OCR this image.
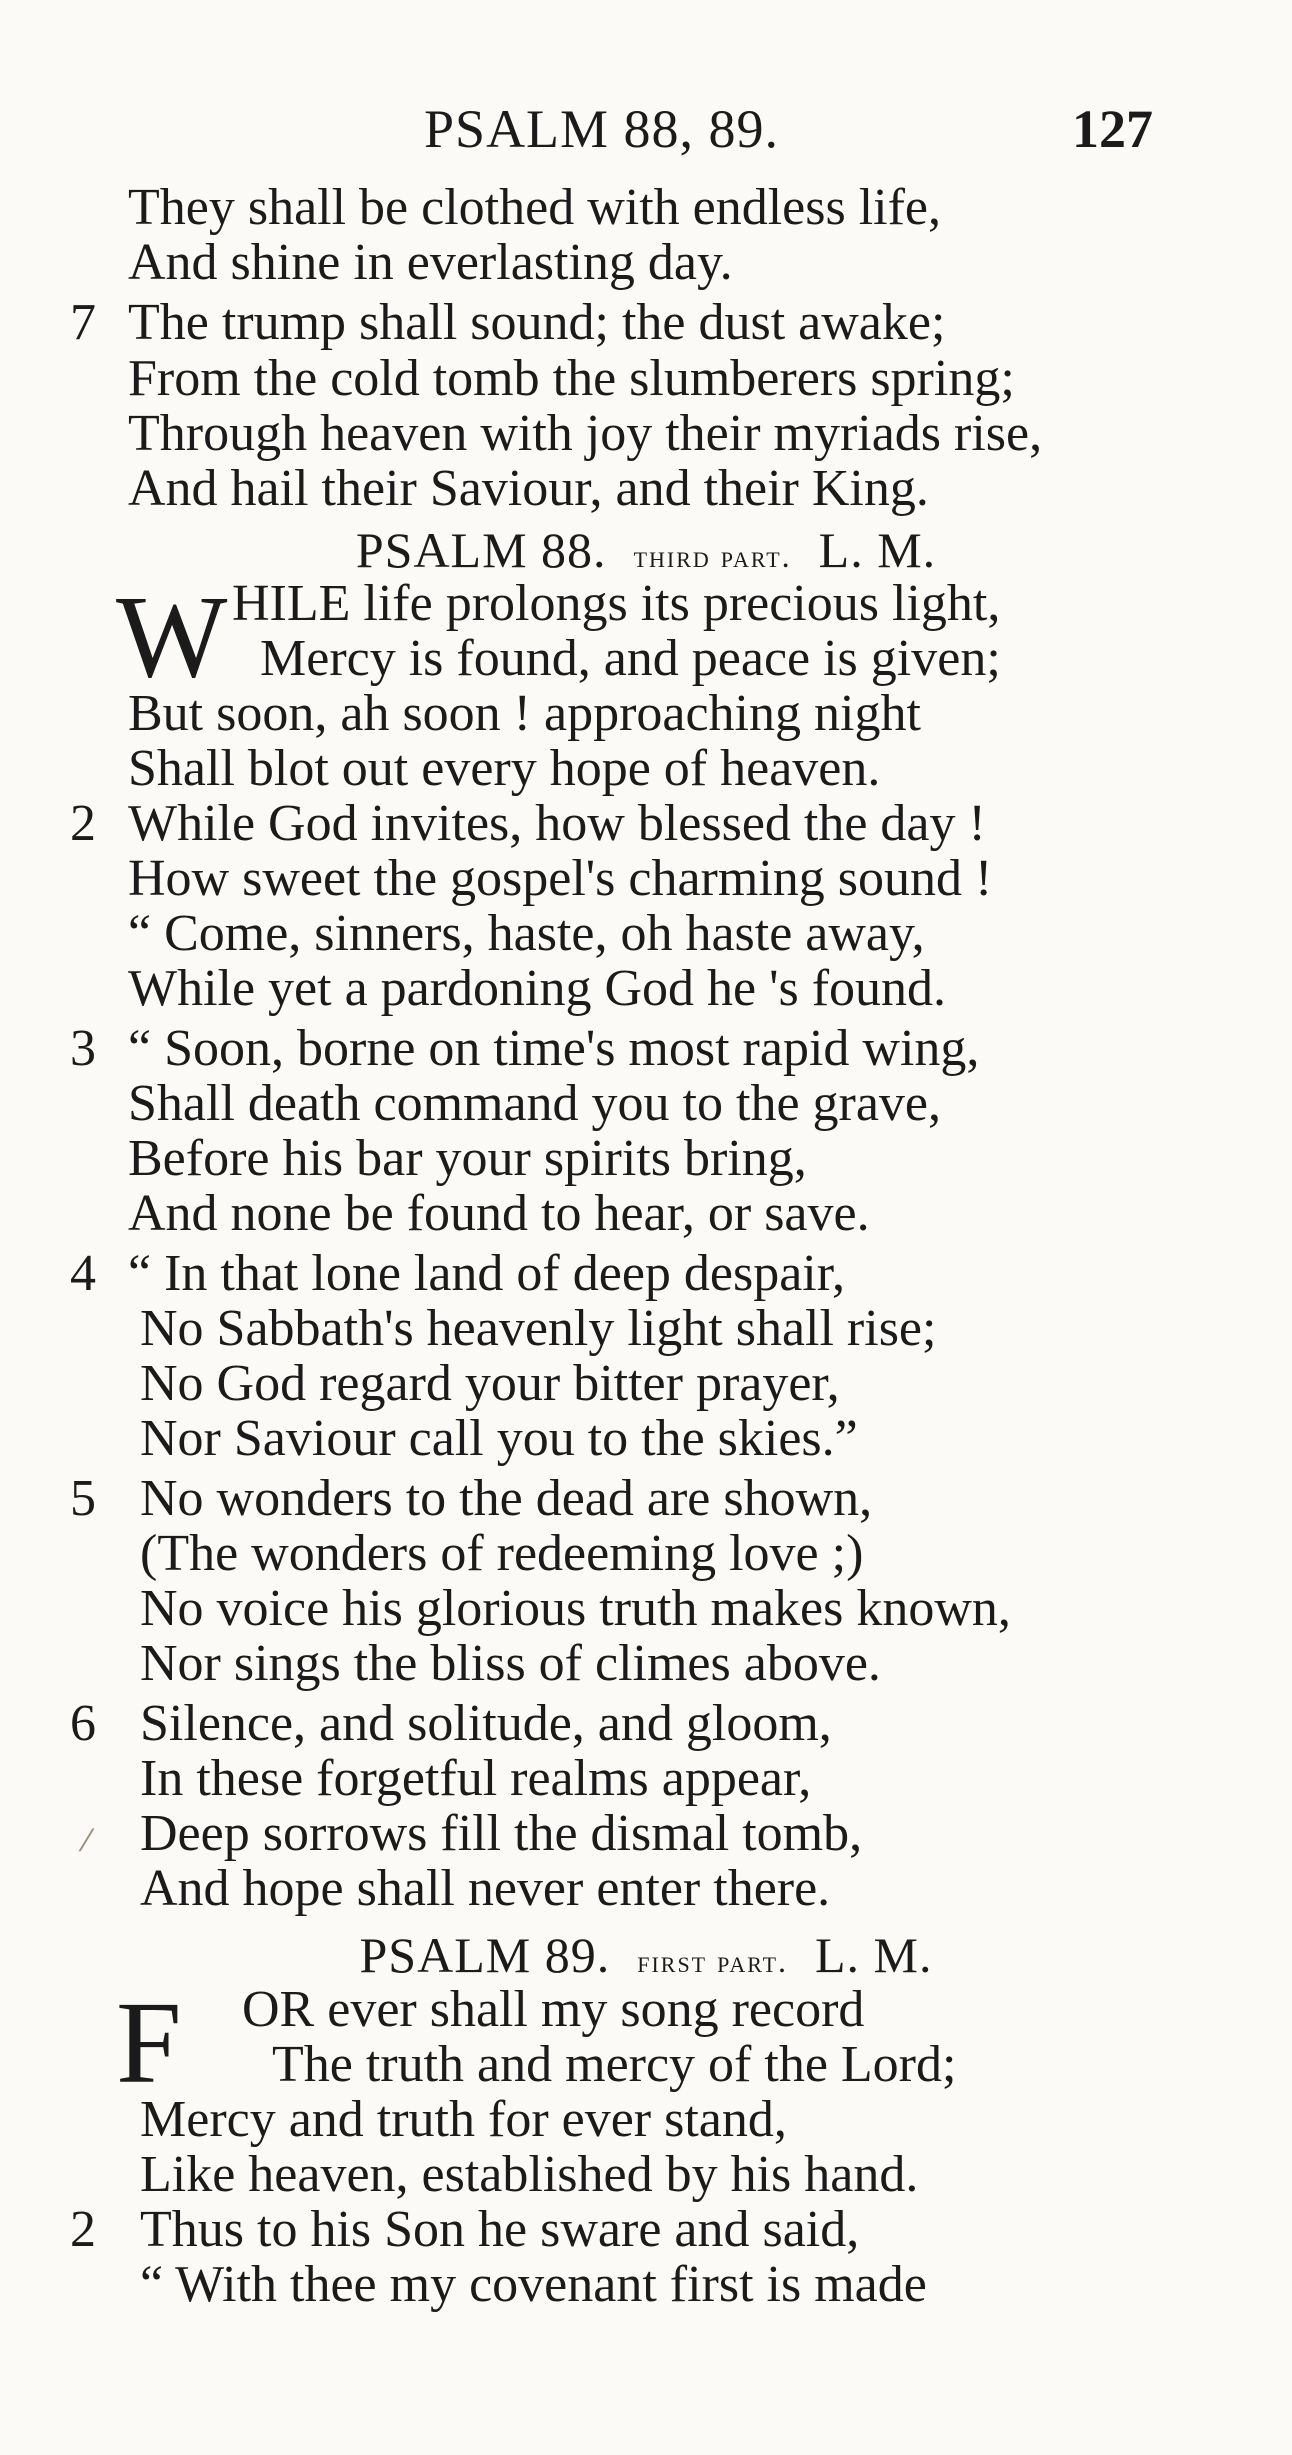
PSALM 88, 89.	127
They shall be clothed with endless life,
And shine in everlasting day.
7 The trump shall sound; the dust awake;
From the cold tomb the slumberers spring;
Through heaven with joy their myriads rise,
And hail their Saviour, and their King.
HILE life prolongs its precious light,
Mercy is found, and peace is given;
But soon, ah soon ! approaching night
Shall blot out every hope of heaven.
2 While God invites, how blessed the day !
How sweet the gospel's charming sound !
“ Come, sinners, haste, oh haste away,
While yet a pardoning God he 's found.
3 “ Soon, borne on time's most rapid wing,
Shall death command you to the grave,
Before his bar your spirits bring,
And none be found to hear, or save.
4 “ In that lone land of deep despair,
No Sabbath's heavenly light shall rise;
No God regard your bitter prayer,
Nor Saviour call you to the skies.”
5 No wonders to the dead are shown,
(The wonders of redeeming love ;)
No voice his glorious truth makes known,
Nor sings the bliss of climes above.
6 Silence, and solitude, and gloom,
In these forgetful realms appear,
Deep sorrows fill the dismal tomb,
And hope shall never enter there.
OR ever shall my song record
The truth and mercy of the Lord;
Mercy and truth for ever stand,
Like heaven, established by his hand.
2 Thus to his Son he sware and said,
“ With thee my covenant first is made
PSALM 88. third part. L. M.
PSALM 89. first part. L. M.
W
F
⁄
